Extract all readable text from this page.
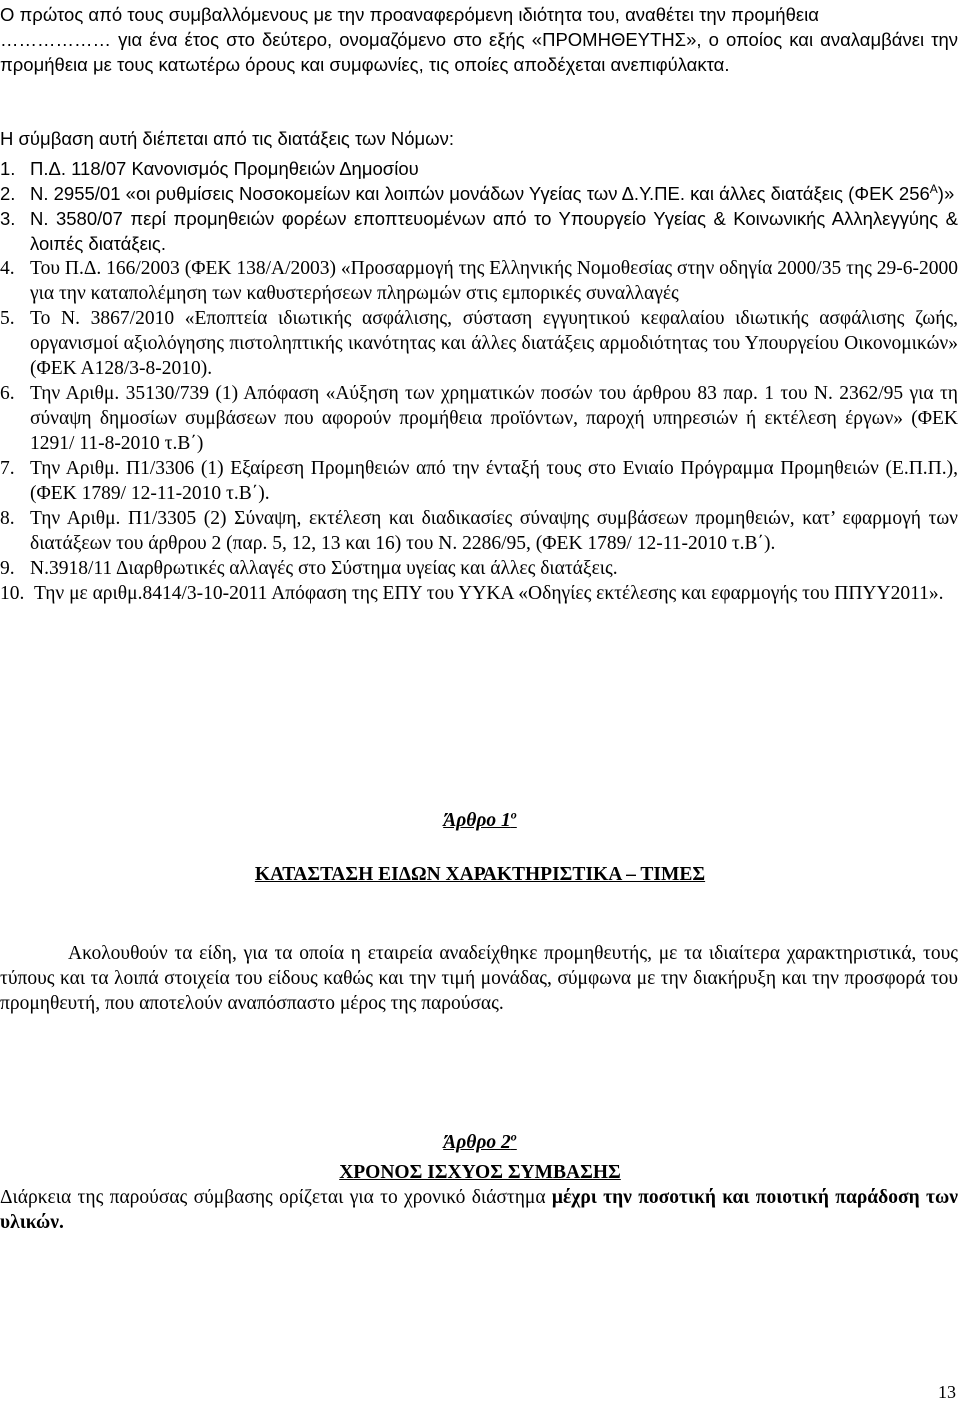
Ο πρώτος από τους συμβαλλόμενους με την προαναφερόμενη ιδιότητα του, αναθέτει την προμήθεια

……………… για ένα έτος στο δεύτερο, ονομαζόμενο στο εξής «ΠΡΟΜΗΘΕΥΤΗΣ», ο οποίος και αναλαμβάνει την προμήθεια με τους κατωτέρω όρους και συμφωνίες, τις οποίες αποδέχεται ανεπιφύλακτα.

Η σύμβαση αυτή διέπεται από τις διατάξεις των Νόμων:
1. Π.Δ. 118/07 Κανονισμός Προμηθειών Δημοσίου
2. Ν. 2955/01 «οι ρυθμίσεις Νοσοκομείων και λοιπών μονάδων Υγείας των Δ.Υ.ΠΕ. και άλλες διατάξεις (ΦΕΚ $256^A$)»
3. Ν. 3580/07 περί προμηθειών φορέων εποπτευομένων από το Υπουργείο Υγείας & Κοινωνικής Αλληλεγγύης & λοιπές διατάξεις.
4. Του Π.Δ. 166/2003 (ΦΕΚ 138/Α/2003) «Προσαρμογή της Ελληνικής Νομοθεσίας στην οδηγία 2000/35 της 29-6-2000 για την καταπολέμηση των καθυστερήσεων πληρωμών στις εμπορικές συναλλαγές
5. Το Ν. 3867/2010 «Εποπτεία ιδιωτικής ασφάλισης, σύσταση εγγυητικού κεφαλαίου ιδιωτικής ασφάλισης ζωής, οργανισμοί αξιολόγησης πιστοληπτικής ικανότητας και άλλες διατάξεις αρμοδιότητας του Υπουργείου Οικονομικών» (ΦΕΚ Α128/3-8-2010).
6. Την Αριθμ. 35130/739 (1) Απόφαση «Αύξηση των χρηματικών ποσών του άρθρου 83 παρ. 1 του Ν. 2362/95 για τη σύναψη δημοσίων συμβάσεων που αφορούν προμήθεια προϊόντων, παροχή υπηρεσιών ή εκτέλεση έργων» (ΦΕΚ 1291/ 11-8-2010 τ.Β΄)
7. Την Αριθμ. Π1/3306 (1) Εξαίρεση Προμηθειών από την ένταξή τους στο Ενιαίο Πρόγραμμα Προμηθειών (Ε.Π.Π.), (ΦΕΚ 1789/ 12-11-2010 τ.Β΄).
8. Την Αριθμ. Π1/3305 (2) Σύναψη, εκτέλεση και διαδικασίες σύναψης συμβάσεων προμηθειών, κατ’ εφαρμογή των διατάξεων του άρθρου 2 (παρ. 5, 12, 13 και 16) του Ν. 2286/95, (ΦΕΚ 1789/ 12-11-2010 τ.Β΄).
9. Ν.3918/11 Διαρθρωτικές αλλαγές στο Σύστημα υγείας και άλλες διατάξεις.
10. Την με αριθμ.8414/3-10-2011 Απόφαση της ΕΠΥ του ΥΥΚΑ «Οδηγίες εκτέλεσης και εφαρμογής του ΠΠΥΥ2011».
Άρθρο $1^o$
ΚΑΤΑΣΤΑΣΗ ΕΙΔΩΝ ΧΑΡΑΚΤΗΡΙΣΤΙΚΑ – ΤΙΜΕΣ

Ακολουθούν τα είδη, για τα οποία η εταιρεία αναδείχθηκε προμηθευτής, με τα ιδιαίτερα χαρακτηριστικά, τους τύπους και τα λοιπά στοιχεία του είδους καθώς και την τιμή μονάδας, σύμφωνα με την διακήρυξη και την προσφορά του προμηθευτή, που αποτελούν αναπόσπαστο μέρος της παρούσας.

Άρθρο $2^o$
ΧΡΟΝΟΣ ΙΣΧΥΟΣ ΣΥΜΒΑΣΗΣ

Διάρκεια της παρούσας σύμβασης ορίζεται για το χρονικό διάστημα μέχρι την ποσοτική και ποιοτική παράδοση των υλικών.

13
